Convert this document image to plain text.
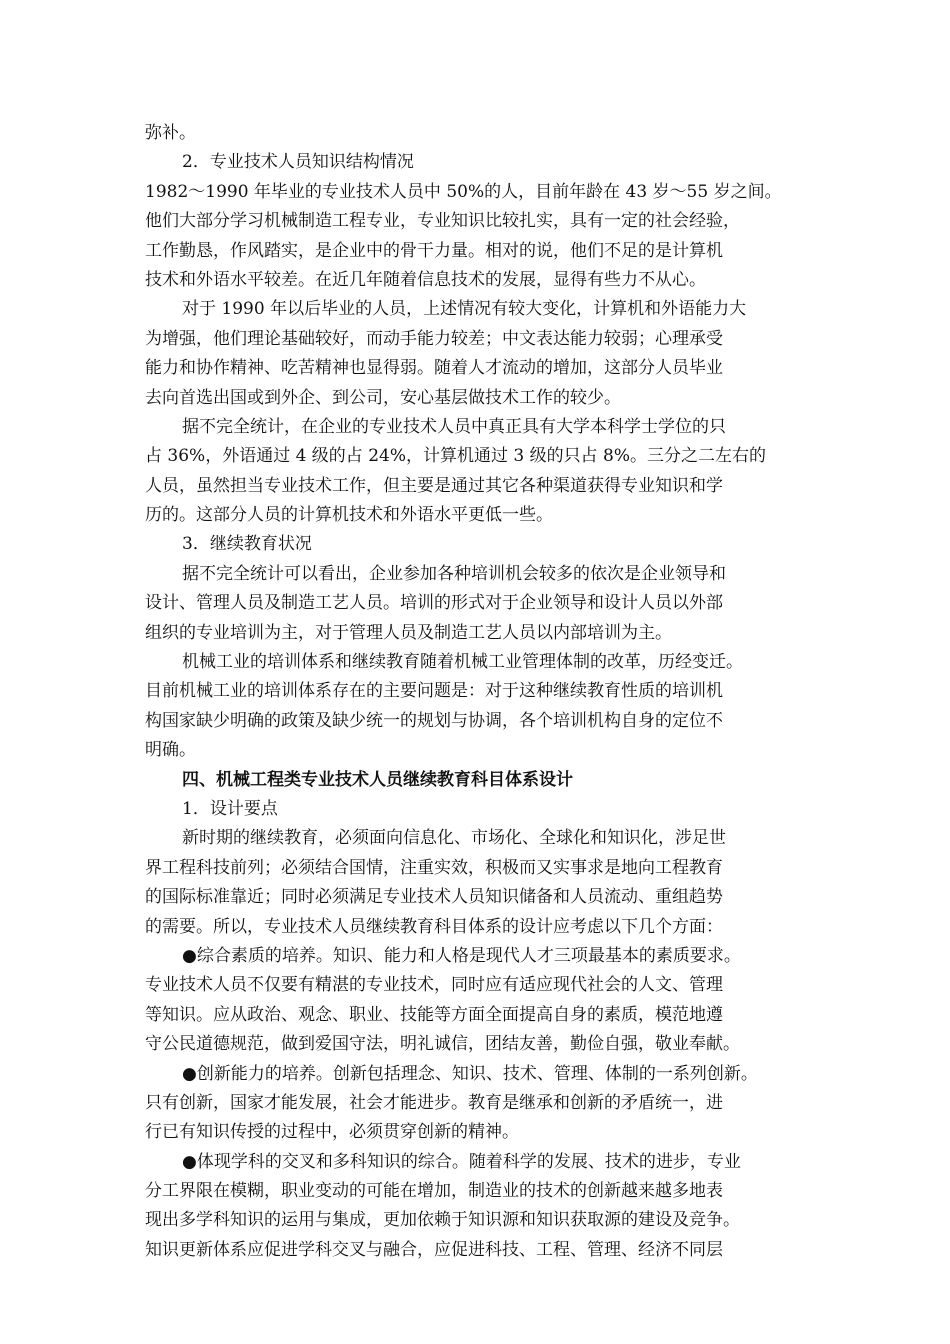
弥补。
2．专业技术人员知识结构情况
1982～1990 年毕业的专业技术人员中 50%的人，目前年龄在 43 岁～55 岁之间。
他们大部分学习机械制造工程专业，专业知识比较扎实，具有一定的社会经验，
工作勤恳，作风踏实，是企业中的骨干力量。相对的说，他们不足的是计算机
技术和外语水平较差。在近几年随着信息技术的发展，显得有些力不从心。
对于 1990 年以后毕业的人员，上述情况有较大变化，计算机和外语能力大
为增强，他们理论基础较好，而动手能力较差；中文表达能力较弱；心理承受
能力和协作精神、吃苦精神也显得弱。随着人才流动的增加，这部分人员毕业
去向首选出国或到外企、到公司，安心基层做技术工作的较少。
据不完全统计，在企业的专业技术人员中真正具有大学本科学士学位的只
占 36%，外语通过 4 级的占 24%，计算机通过 3 级的只占 8%。三分之二左右的
人员，虽然担当专业技术工作，但主要是通过其它各种渠道获得专业知识和学
历的。这部分人员的计算机技术和外语水平更低一些。
3．继续教育状况
据不完全统计可以看出，企业参加各种培训机会较多的依次是企业领导和
设计、管理人员及制造工艺人员。培训的形式对于企业领导和设计人员以外部
组织的专业培训为主，对于管理人员及制造工艺人员以内部培训为主。
机械工业的培训体系和继续教育随着机械工业管理体制的改革，历经变迁。
目前机械工业的培训体系存在的主要问题是：对于这种继续教育性质的培训机
构国家缺少明确的政策及缺少统一的规划与协调，各个培训机构自身的定位不
明确。
四、机械工程类专业技术人员继续教育科目体系设计
1．设计要点
新时期的继续教育，必须面向信息化、市场化、全球化和知识化，涉足世
界工程科技前列；必须结合国情，注重实效，积极而又实事求是地向工程教育
的国际标准靠近；同时必须满足专业技术人员知识储备和人员流动、重组趋势
的需要。所以，专业技术人员继续教育科目体系的设计应考虑以下几个方面：
●综合素质的培养。知识、能力和人格是现代人才三项最基本的素质要求。
专业技术人员不仅要有精湛的专业技术，同时应有适应现代社会的人文、管理
等知识。应从政治、观念、职业、技能等方面全面提高自身的素质，模范地遵
守公民道德规范，做到爱国守法，明礼诚信，团结友善，勤俭自强，敬业奉献。
●创新能力的培养。创新包括理念、知识、技术、管理、体制的一系列创新。
只有创新，国家才能发展，社会才能进步。教育是继承和创新的矛盾统一，进
行已有知识传授的过程中，必须贯穿创新的精神。
●体现学科的交叉和多科知识的综合。随着科学的发展、技术的进步，专业
分工界限在模糊，职业变动的可能在增加，制造业的技术的创新越来越多地表
现出多学科知识的运用与集成，更加依赖于知识源和知识获取源的建设及竞争。
知识更新体系应促进学科交叉与融合，应促进科技、工程、管理、经济不同层
